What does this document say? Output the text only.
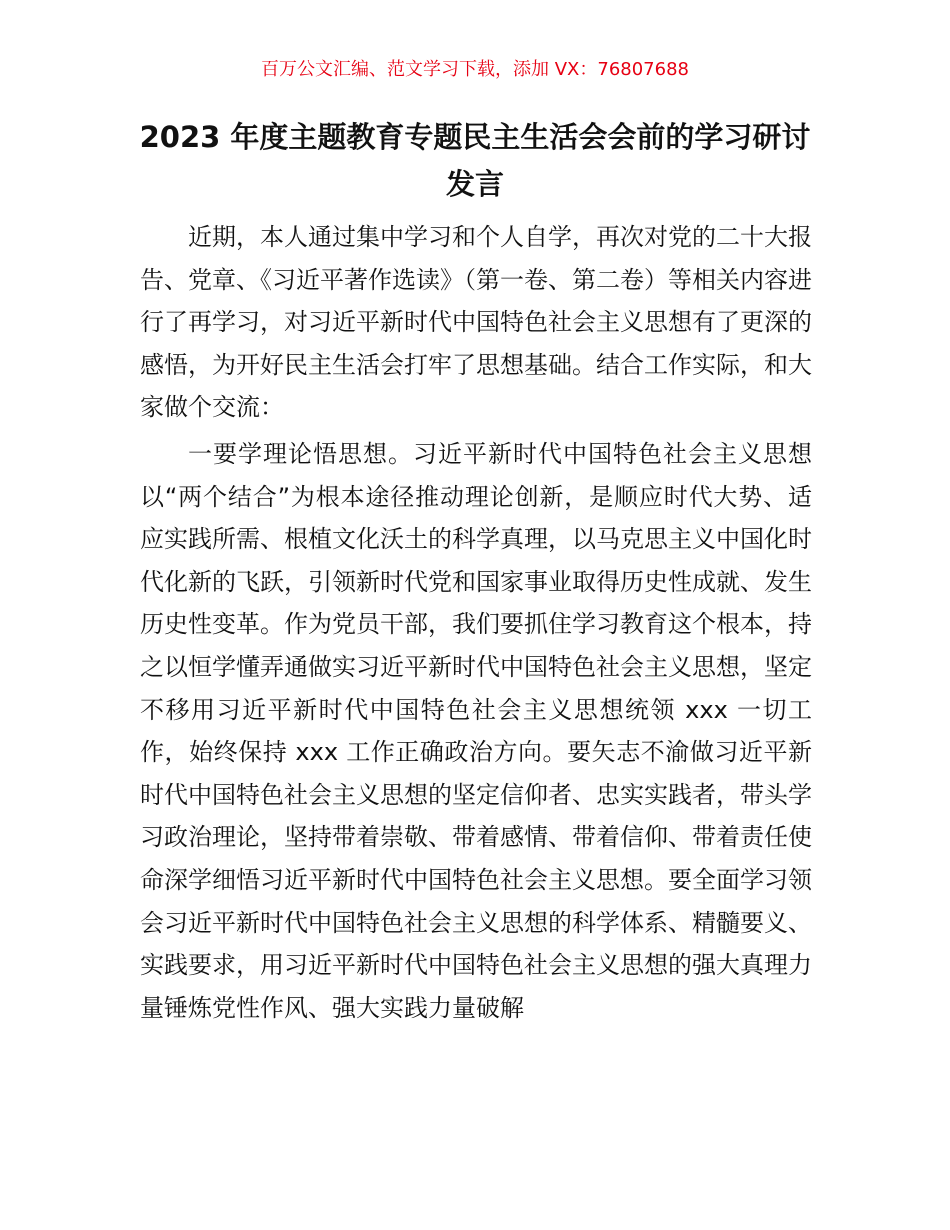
百万公文汇编、范文学习下载，添加 VX：76807688
2023 年度主题教育专题民主生活会会前的学习研讨发言

近期，本人通过集中学习和个人自学，再次对党的二十大报告、党章、《习近平著作选读》（第一卷、第二卷）等相关内容进行了再学习，对习近平新时代中国特色社会主义思想有了更深的感悟，为开好民主生活会打牢了思想基础。结合工作实际，和大家做个交流：

一要学理论悟思想。习近平新时代中国特色社会主义思想以“两个结合”为根本途径推动理论创新，是顺应时代大势、适应实践所需、根植文化沃土的科学真理，以马克思主义中国化时代化新的飞跃，引领新时代党和国家事业取得历史性成就、发生历史性变革。作为党员干部，我们要抓住学习教育这个根本，持之以恒学懂弄通做实习近平新时代中国特色社会主义思想，坚定不移用习近平新时代中国特色社会主义思想统领 xxx 一切工作，始终保持 xxx 工作正确政治方向。要矢志不渝做习近平新时代中国特色社会主义思想的坚定信仰者、忠实实践者，带头学习政治理论，坚持带着崇敬、带着感情、带着信仰、带着责任使命深学细悟习近平新时代中国特色社会主义思想。要全面学习领会习近平新时代中国特色社会主义思想的科学体系、精髓要义、实践要求，用习近平新时代中国特色社会主义思想的强大真理力量锤炼党性作风、强大实践力量破解
